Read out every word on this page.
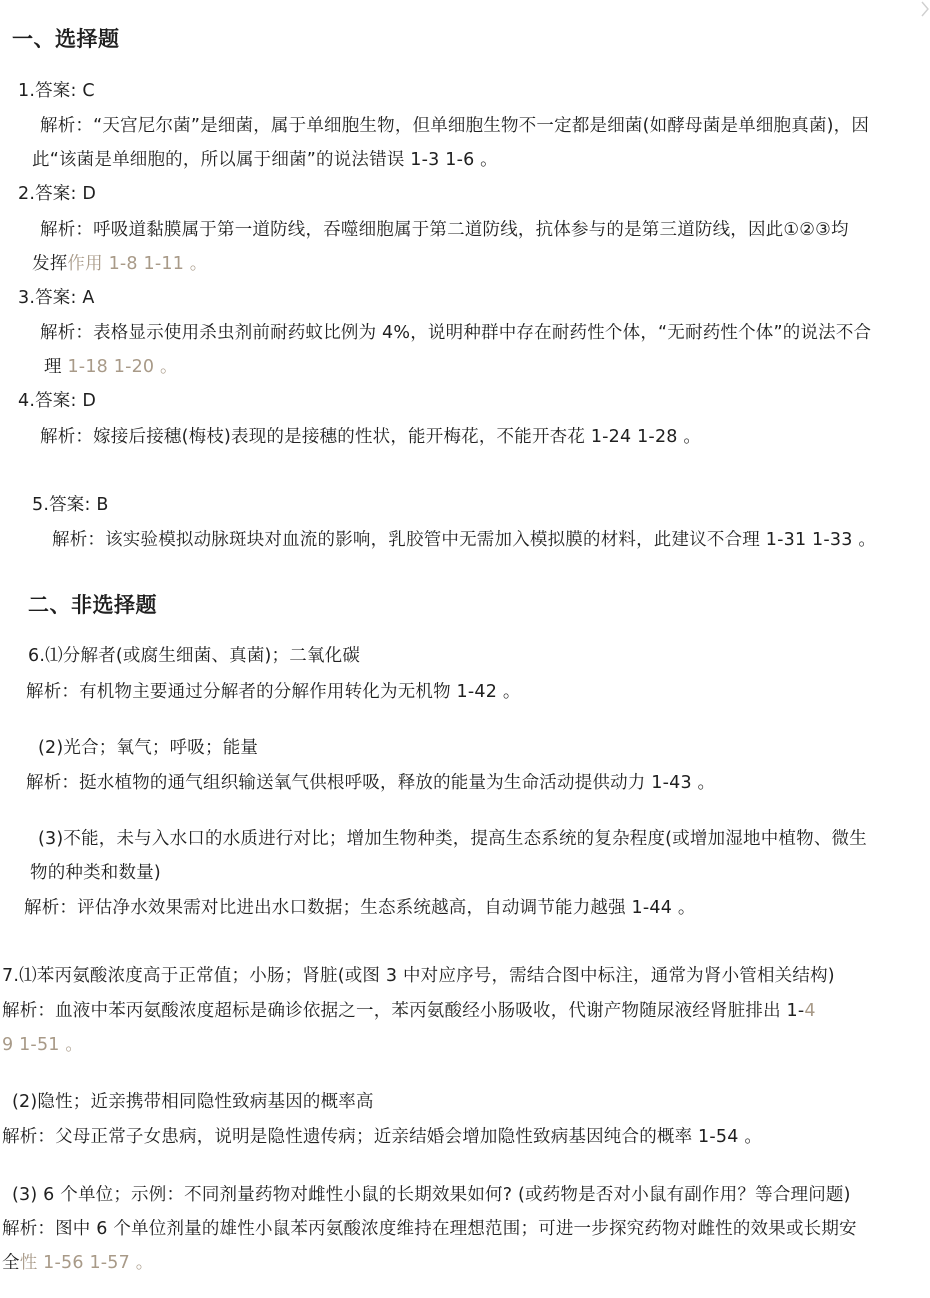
一、选择题
1.答案: C
解析：“天宫尼尔菌”是细菌，属于单细胞生物，但单细胞生物不一定都是细菌(如酵母菌是单细胞真菌)，因
此“该菌是单细胞的，所以属于细菌”的说法错误 1-3 1-6 。
2.答案: D
解析：呼吸道黏膜属于第一道防线，吞噬细胞属于第二道防线，抗体参与的是第三道防线，因此①②③均
发挥作用 1-8 1-11 。
3.答案: A
解析：表格显示使用杀虫剂前耐药蚊比例为 4%，说明种群中存在耐药性个体，“无耐药性个体”的说法不合
理 1-18 1-20 。
4.答案: D
解析：嫁接后接穗(梅枝)表现的是接穗的性状，能开梅花，不能开杏花 1-24 1-28 。
5.答案: B
解析：该实验模拟动脉斑块对血流的影响，乳胶管中无需加入模拟膜的材料，此建议不合理 1-31 1-33 。
二、非选择题
6.⑴分解者(或腐生细菌、真菌)；二氧化碳
解析：有机物主要通过分解者的分解作用转化为无机物 1-42 。
(2)光合；氧气；呼吸；能量
解析：挺水植物的通气组织输送氧气供根呼吸，释放的能量为生命活动提供动力 1-43 。
(3)不能，未与入水口的水质进行对比；增加生物种类，提高生态系统的复杂程度(或增加湿地中植物、微生
物的种类和数量)
解析：评估净水效果需对比进出水口数据；生态系统越高，自动调节能力越强 1-44 。
7.⑴苯丙氨酸浓度高于正常值；小肠；肾脏(或图 3 中对应序号，需结合图中标注，通常为肾小管相关结构)
解析：血液中苯丙氨酸浓度超标是确诊依据之一，苯丙氨酸经小肠吸收，代谢产物随尿液经肾脏排出 1-4
9 1-51 。
(2)隐性；近亲携带相同隐性致病基因的概率高
解析：父母正常子女患病，说明是隐性遗传病；近亲结婚会增加隐性致病基因纯合的概率 1-54 。
(3) 6 个单位；示例：不同剂量药物对雌性小鼠的长期效果如何? (或药物是否对小鼠有副作用？等合理问题)
解析：图中 6 个单位剂量的雄性小鼠苯丙氨酸浓度维持在理想范围；可进一步探究药物对雌性的效果或长期安
全性 1-56 1-57 。
